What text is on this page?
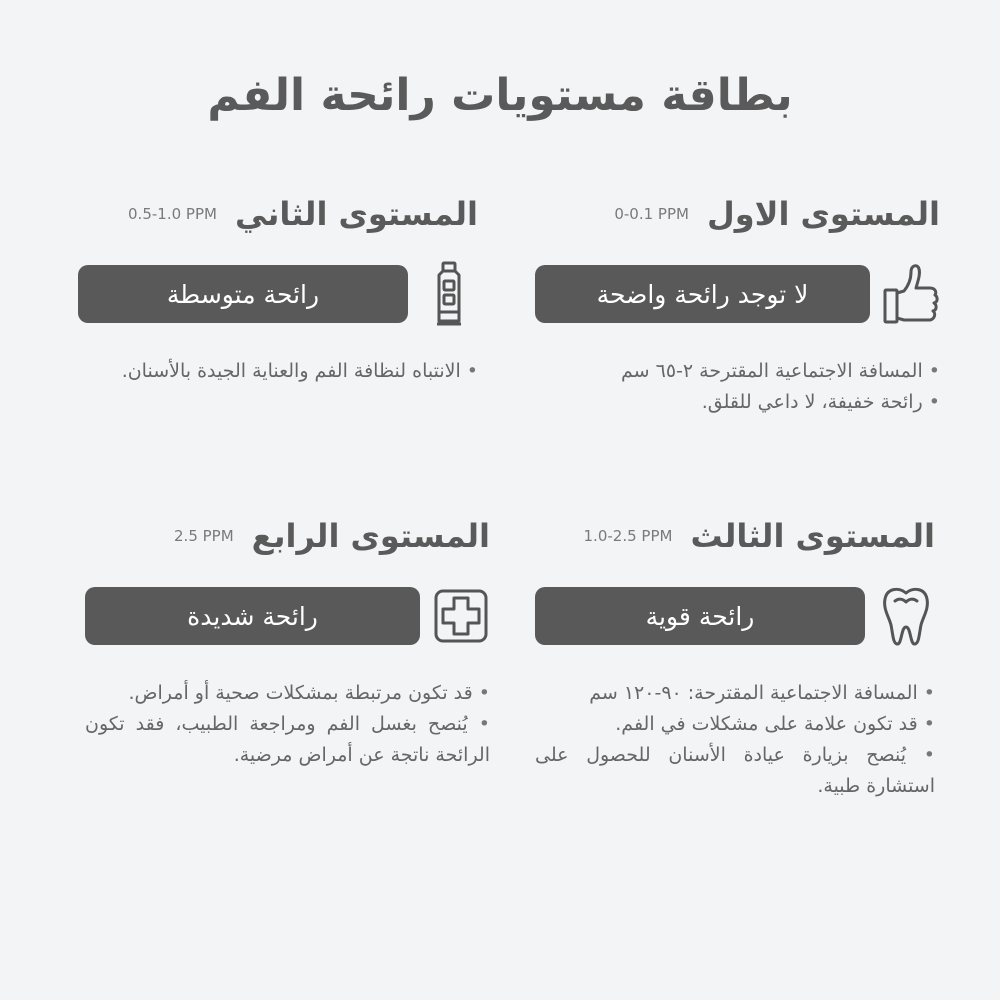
بطاقة مستويات رائحة الفم
المستوى الاول
0-0.1 PPM
لا توجد رائحة واضحة
• المسافة الاجتماعية المقترحة ٢-٦٥ سم
• رائحة خفيفة، لا داعي للقلق.
المستوى الثاني
0.5-1.0 PPM
رائحة متوسطة
• الانتباه لنظافة الفم والعناية الجيدة بالأسنان.
المستوى الثالث
1.0-2.5 PPM
رائحة قوية
• المسافة الاجتماعية المقترحة: ٩٠-١٢٠ سم
• قد تكون علامة على مشكلات في الفم.
• يُنصح بزيارة عيادة الأسنان للحصول على استشارة طبية.
المستوى الرابع
2.5 PPM
رائحة شديدة
• قد تكون مرتبطة بمشكلات صحية أو أمراض.
• يُنصح بغسل الفم ومراجعة الطبيب، فقد تكون الرائحة ناتجة عن أمراض مرضية.
